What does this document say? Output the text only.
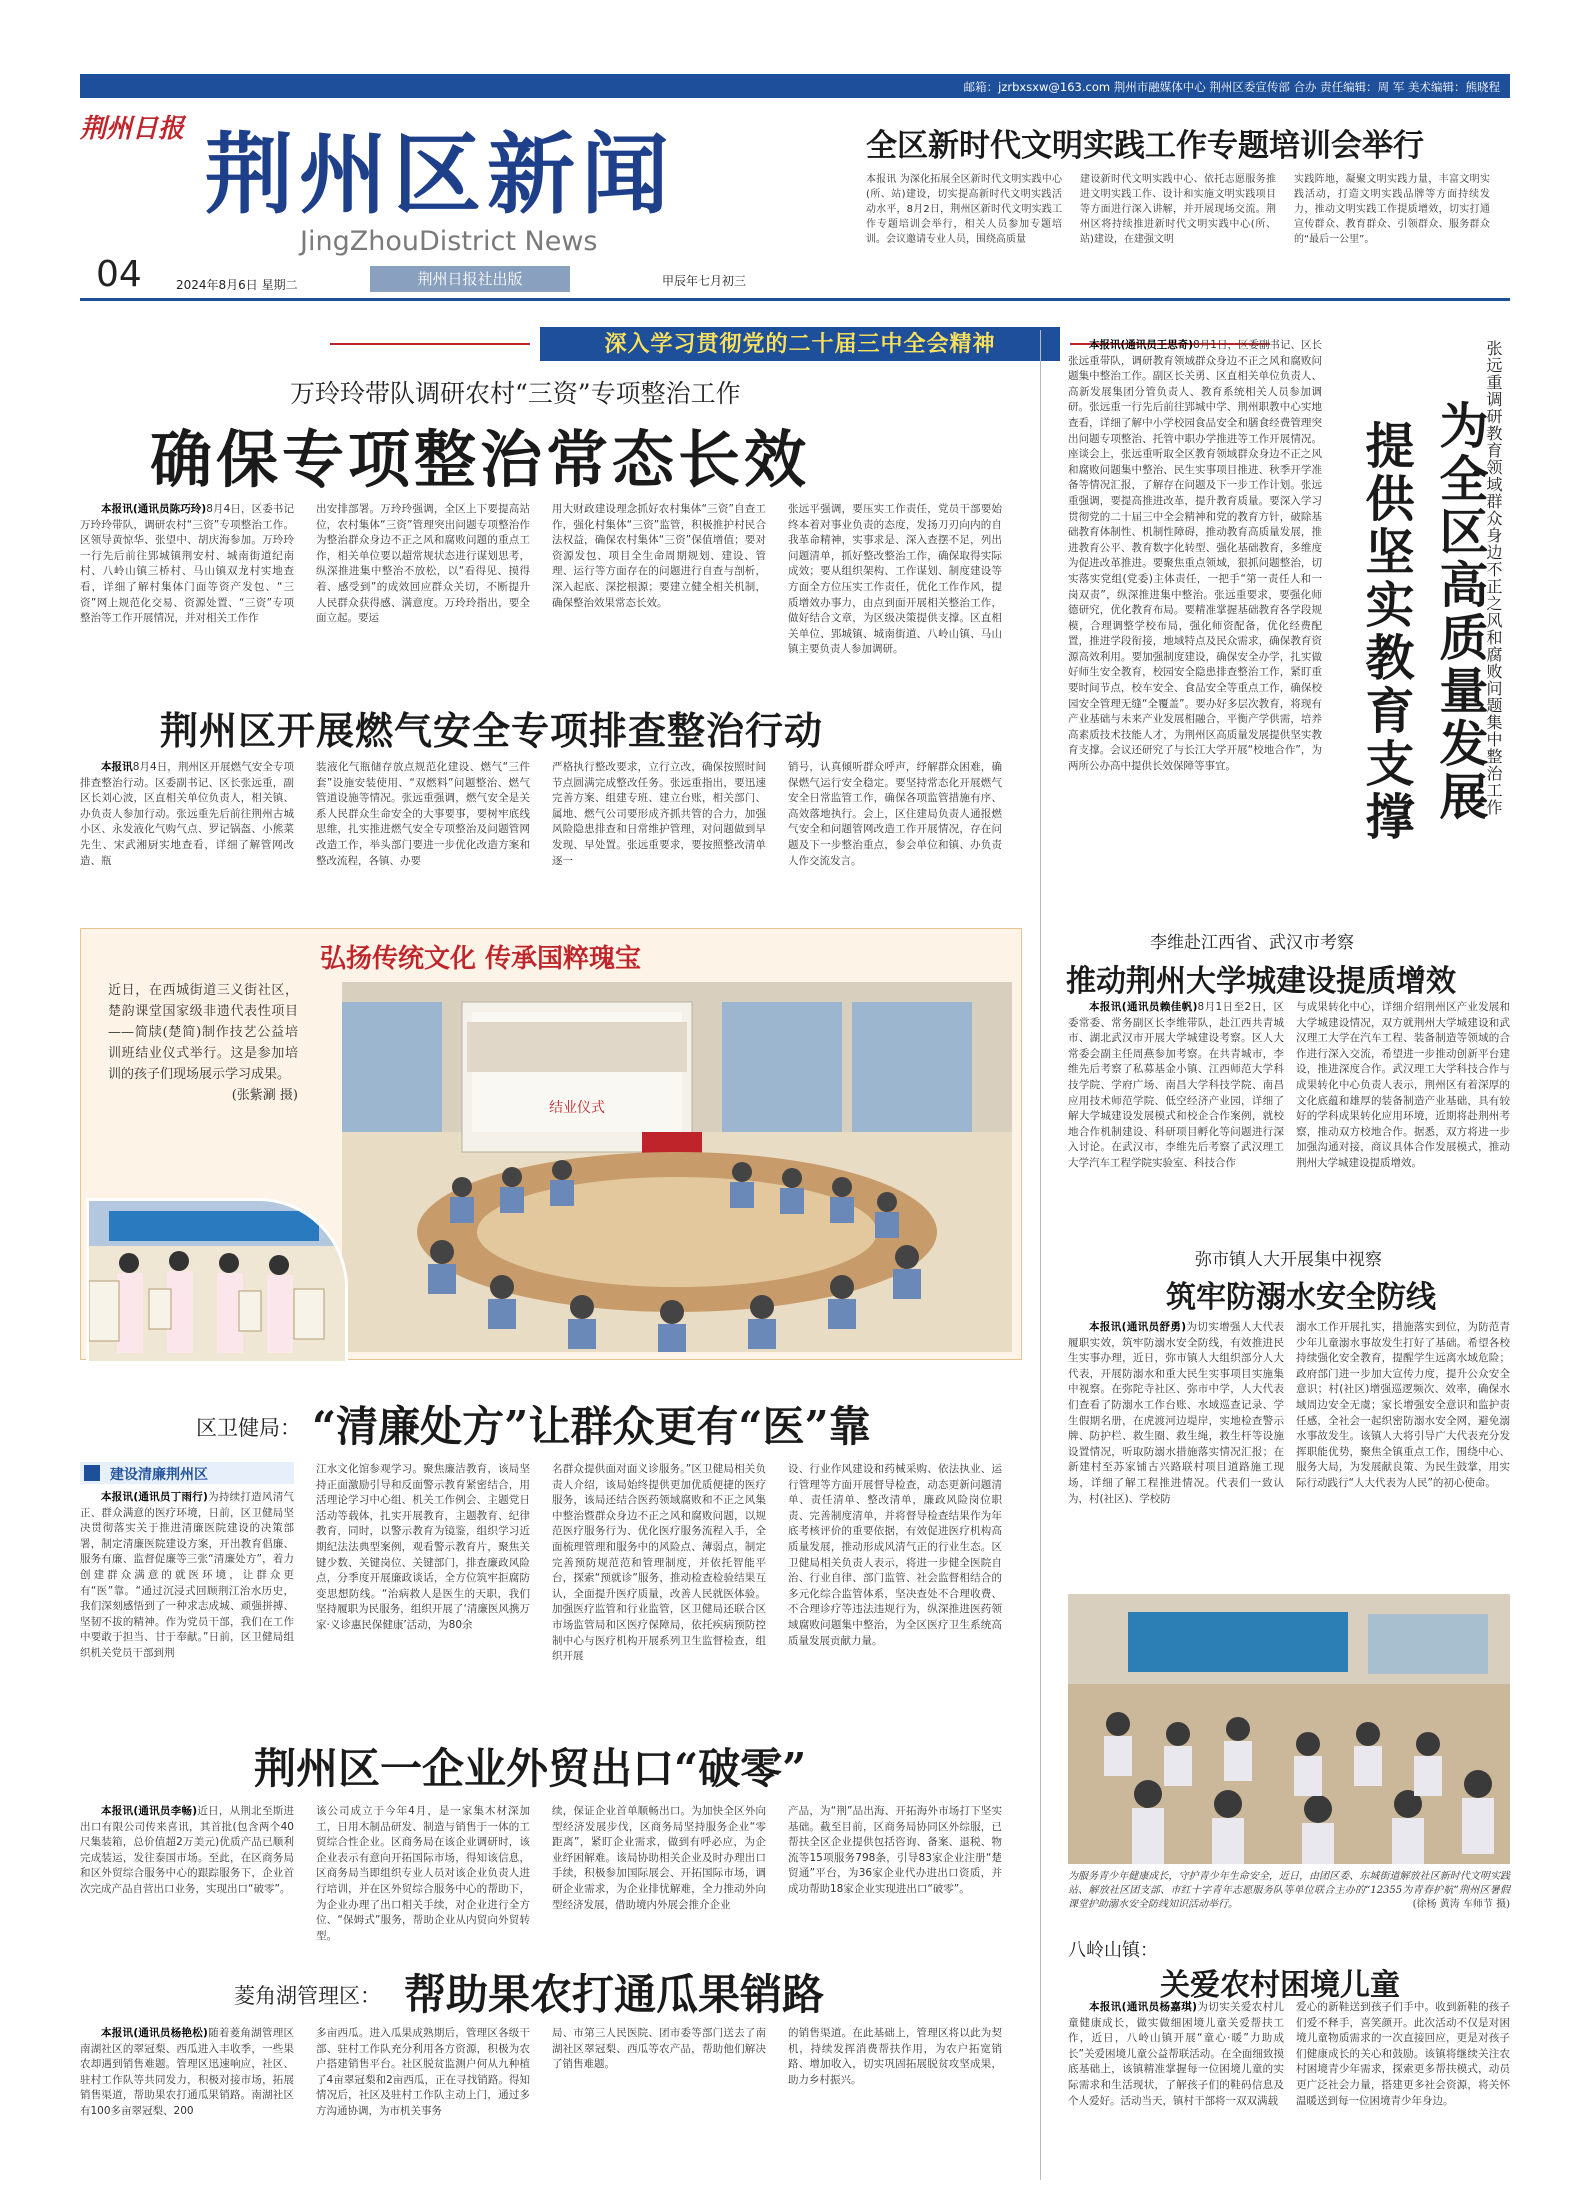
邮箱：jzrbxsxw@163.com 荆州市融媒体中心 荆州区委宣传部 合办 责任编辑：周 军 美术编辑：熊晓程
荆州日报 荆州区新闻
JingZhouDistrict News
04	2024年8月6日 星期二	荆州日报社出版	甲辰年七月初三
全区新时代文明实践工作专题培训会举行
本报讯 为深化拓展全区新时代文明实践中心(所、站)建设，切实提高新时代文明实践活动水平，8月2日，荆州区新时代文明实践工作专题培训会举行，相关人员参加专题培训。会议邀请专业人员，围绕高质量
建设新时代文明实践中心、依托志愿服务推进文明实践工作、设计和实施文明实践项目等方面进行深入讲解，并开展现场交流。荆州区将持续推进新时代文明实践中心(所、站)建设，在建强文明
实践阵地，凝聚文明实践力量，丰富文明实践活动，打造文明实践品牌等方面持续发力，推动文明实践工作提质增效，切实打通宣传群众、教育群众、引领群众、服务群众的“最后一公里”。
深入学习贯彻党的二十届三中全会精神
万玲玲带队调研农村“三资”专项整治工作
确保专项整治常态长效

本报讯(通讯员陈巧玲)8月4日，区委书记万玲玲带队，调研农村“三资”专项整治工作。区领导黄惊华、张望中、胡庆海参加。万玲玲一行先后前往郢城镇荆安村、城南街道纪南村、八岭山镇三桥村、马山镇双龙村实地查看，详细了解村集体门面等资产发包、“三资”网上规范化交易、资源处置、“三资”专项整治等工作开展情况，并对相关工作作

出安排部署。万玲玲强调，全区上下要提高站位，农村集体“三资”管理突出问题专项整治作为整治群众身边不正之风和腐败问题的重点工作，相关单位要以超常规状态进行谋划思考，纵深推进集中整治不放松，以“看得见、摸得着、感受到”的成效回应群众关切，不断提升人民群众获得感、满意度。万玲玲指出，要全面立起。要运
用大财政建设理念抓好农村集体“三资”自查工作，强化村集体“三资”监管，积极推护村民合法权益，确保农村集体“三资”保值增值；要对资源发包、项目全生命周期规划、建设、管理、运行等方面存在的问题进行自查与剖析，深入起底、深挖根源；要建立健全相关机制，确保整治效果常态长效。
张远平强调，要压实工作责任，党员干部要始终本着对事业负责的态度，发扬刀刃向内的自我革命精神，实事求是、深入查摆不足，列出问题清单，抓好整改整治工作，确保取得实际成效；要从组织架构、工作谋划、制度建设等方面全方位压实工作责任，优化工作作风，提质增效办事力，由点到面开展相关整治工作，做好结合文章，为区级决策提供支撑。区直相关单位、郢城镇、城南街道、八岭山镇、马山镇主要负责人参加调研。
荆州区开展燃气安全专项排查整治行动

本报讯8月4日，荆州区开展燃气安全专项排查整治行动。区委副书记、区长张远重，副区长刘心波，区直相关单位负责人，相关镇、办负责人参加行动。张远重先后前往荆州古城小区、永发液化气购气点、罗记锅盔、小熊菜先生、宋武湘厨实地查看，详细了解管网改造、瓶

装液化气瓶储存放点规范化建设、燃气“三件套”设施安装使用、“双燃料”问题整治、燃气管道设施等情况。张远重强调，燃气安全是关系人民群众生命安全的大事要事，要树牢底线思维，扎实推进燃气安全专项整治及问题管网改造工作，举头部门要进一步优化改造方案和整改流程，各镇、办要
严格执行整改要求，立行立改，确保按照时间节点圆满完成整改任务。张远重指出，要迅速完善方案、组建专班、建立台账，相关部门、属地、燃气公司要形成齐抓共管的合力，加强风险隐患排查和日常维护管理，对问题做到早发现、早处置。张远重要求，要按照整改清单逐一
销号，认真倾听群众呼声，纾解群众困难，确保燃气运行安全稳定。要坚持常态化开展燃气安全日常监管工作，确保各项监管措施有序、高效落地执行。会上，区住建局负责人通报燃气安全和问题管网改造工作开展情况，存在问题及下一步整治重点，参会单位和镇、办负责人作交流发言。
弘扬传统文化 传承国粹瑰宝
近日，在西城街道三义街社区，楚韵课堂国家级非遗代表性项目——简牍(楚简)制作技艺公益培训班结业仪式举行。这是参加培训的孩子们现场展示学习成果。

(张紫涮 摄)
结业仪式
区卫健局： “清廉处方”让群众更有“医”靠
建设清廉荆州区

本报讯(通讯员丁雨行)为持续打造风清气正、群众满意的医疗环境，日前，区卫健局坚决贯彻落实关于推进清廉医院建设的决策部署，制定清廉医院建设方案，开出教育倡廉、服务有廉、监督促廉等三张“清廉处方”，着力创建群众满意的就医环境，让群众更有“医”靠。“通过沉浸式回顾荆江治水历史，我们深刻感悟到了一种求志成城、顽强拼搏、坚韧不拔的精神。作为党员干部，我们在工作中要敢于担当、甘于奉献。”日前，区卫健局组织机关党员干部到荆

江水文化馆参观学习。聚焦廉洁教育，该局坚持正面激励引导和反面警示教育紧密结合，用活理论学习中心组、机关工作例会、主题党日活动等载体，扎实开展教育，主题教育、纪律教育，同时，以警示教育为镜鉴，组织学习近期纪法法典型案例，观看警示教育片，聚焦关键少数、关键岗位、关键部门，排查廉政风险点，分季度开展廉政谈话，全方位筑牢拒腐防变思想防线。“治病救人是医生的天职，我们坚持履职为民服务，组织开展了‘清廉医风携万家·义诊惠民保健康’活动，为80余
名群众提供面对面义诊服务。”区卫健局相关负责人介绍，该局始终提供更加优质便捷的医疗服务，该局还结合医药领域腐败和不正之风集中整治暨群众身边不正之风和腐败问题，以规范医疗服务行为、优化医疗服务流程入手，全面梳理管理和服务中的风险点、薄弱点，制定完善预防规范范和管理制度，并依托智能平台，探索“预就诊”服务，推动检查检验结果互认，全面提升医疗质量，改善人民就医体验。加强医疗监管和行业监管，区卫健局还联合区市场监管局和区医疗保障局，依托疾病预防控制中心与医疗机构开展系列卫生监督检查，组织开展
设、行业作风建设和药械采购、依法执业、运行管理等方面开展督导检查，动态更新问题清单、责任清单、整改清单，廉政风险岗位职责、完善制度清单，并将督导检查结果作为年底考核评价的重要依据，有效促进医疗机构高质量发展，推动形成风清气正的行业生态。区卫健局相关负责人表示，将进一步健全医院自治、行业自律、部门监管、社会监督相结合的多元化综合监管体系，坚决查处不合理收费、不合理诊疗等违法违规行为，纵深推进医药领域腐败问题集中整治，为全区医疗卫生系统高质量发展贡献力量。
荆州区一企业外贸出口“破零”

本报讯(通讯员李畅)近日，从荆北至斯进出口有限公司传来喜讯，其首批(包含两个40尺集装箱，总价值超2万美元)优质产品已顺利完成装运，发往泰国市场。至此，在区商务局和区外贸综合服务中心的跟踪服务下，企业首次完成产品自营出口业务，实现出口“破零”。

该公司成立于今年4月，是一家集木材深加工，日用木制品研发、制造与销售于一体的工贸综合性企业。区商务局在该企业调研时，该企业表示有意向开拓国际市场，得知该信息，区商务局当即组织专业人员对该企业负责人进行培训，并在区外贸综合服务中心的帮助下，为企业办理了出口相关手续，对企业进行全方位、“保姆式”服务，帮助企业从内贸向外贸转型。
续，保证企业首单顺畅出口。为加快全区外向型经济发展步伐，区商务局坚持服务企业“零距离”，紧盯企业需求，做到有呼必应，为企业纾困解难。该局协助相关企业及时办理出口手续，积极参加国际展会、开拓国际市场，调研企业需求，为企业排忧解难，全力推动外向型经济发展，借助境内外展会推介企业
产品，为“荆”品出海、开拓海外市场打下坚实基础。截至目前，区商务局协同区外综服，已帮扶全区企业提供包括咨询、备案、退税、物流等15项服务798条，引导83家企业注册“楚贸通”平台，为36家企业代办进出口资质，并成功帮助18家企业实现进出口“破零”。
菱角湖管理区： 帮助果农打通瓜果销路

本报讯(通讯员杨艳松)随着菱角湖管理区南湖社区的翠冠梨、西瓜进入丰收季，一些果农却遇到销售难题。管理区迅速响应，社区、驻村工作队等共同发力，积极对接市场，拓展销售渠道，帮助果农打通瓜果销路。南湖社区有100多亩翠冠梨、200

多亩西瓜。进入瓜果成熟期后，管理区各级干部、驻村工作队充分利用各方资源，积极为农户搭建销售平台。社区脱贫监测户何从九种植了4亩翠冠梨和2亩西瓜，正在寻找销路。得知情况后，社区及驻村工作队主动上门，通过多方沟通协调，为市机关事务
局、市第三人民医院、团市委等部门送去了南湖社区翠冠梨、西瓜等农产品，帮助他们解决了销售难题。
的销售渠道。在此基础上，管理区将以此为契机，持续发挥消费帮扶作用，为农户拓宽销路、增加收入，切实巩固拓展脱贫攻坚成果，助力乡村振兴。

本报讯(通讯员王思奇)8月1日，区委副书记、区长张远重带队，调研教育领域群众身边不正之风和腐败问题集中整治工作。副区长关勇、区直相关单位负责人、高新发展集团分管负责人、教育系统相关人员参加调研。张远重一行先后前往郢城中学、荆州职教中心实地查看，详细了解中小学校园食品安全和膳食经费管理突出问题专项整治、托管中职办学推进等工作开展情况。座谈会上，张远重听取全区教育领域群众身边不正之风和腐败问题集中整治、民生实事项目推进、秋季开学准备等情况汇报，了解存在问题及下一步工作计划。张远重强调，要提高推进改革，提升教育质量。要深入学习贯彻党的二十届三中全会精神和党的教育方针，破除基础教育体制性、机制性障碍，推动教育高质量发展，推进教育公平、教育数字化转型、强化基础教育，多维度为促进改革推进。要聚焦重点领域，狠抓问题整治，切实落实党组(党委)主体责任，一把手“第一责任人和一岗双责”，纵深推进集中整治。张远重要求，要强化师德研究，优化教育布局。要精准掌握基础教育各学段规模，合理调整学校布局，强化师资配备，优化经费配置，推进学段衔接，地域特点及民众需求，确保教育资源高效利用。要加强制度建设，确保安全办学，扎实做好师生安全教育，校园安全隐患排查整治工作，紧盯重要时间节点，校车安全、食品安全等重点工作，确保校园安全管理无缝“全覆盖”。要办好多层次教育，将现有产业基础与未来产业发展相融合，平衡产学供需，培养高素质技术技能人才，为荆州区高质量发展提供坚实教育支撑。会议还研究了与长江大学开展“校地合作”，为两所公办高中提供长效保障等事宜。	为全区高质量发展
提供坚实教育支撑	张远重调研教育领域群众身边不正之风和腐败问题集中整治工作
李维赴江西省、武汉市考察
推动荆州大学城建设提质增效

本报讯(通讯员赖佳帆)8月1日至2日，区委常委、常务副区长李维带队，赴江西共青城市、湖北武汉市开展大学城建设考察。区人大常委会副主任周燕参加考察。在共青城市，李维先后考察了私募基金小镇、江西师范大学科技学院、学府广场、南昌大学科技学院、南昌应用技术师范学院、低空经济产业园，详细了解大学城建设发展模式和校企合作案例，就校地合作机制建设、科研项目孵化等问题进行深入讨论。在武汉市，李维先后考察了武汉理工大学汽车工程学院实验室、科技合作

与成果转化中心，详细介绍荆州区产业发展和大学城建设情况，双方就荆州大学城建设和武汉理工大学在汽车工程、装备制造等领域的合作进行深入交流，希望进一步推动创新平台建设，推进深度合作。武汉理工大学科技合作与成果转化中心负责人表示，荆州区有着深厚的文化底蕴和雄厚的装备制造产业基础，具有较好的学科成果转化应用环境，近期将赴荆州考察，推动双方校地合作。据悉，双方将进一步加强沟通对接，商议具体合作发展模式，推动荆州大学城建设提质增效。
弥市镇人大开展集中视察
筑牢防溺水安全防线

本报讯(通讯员舒勇)为切实增强人大代表履职实效，筑牢防溺水安全防线，有效推进民生实事办理，近日，弥市镇人大组织部分人大代表，开展防溺水和重大民生实事项目实施集中视察。在弥陀寺社区、弥市中学，人大代表们查看了防溺水工作台账、水域巡查记录、学生假期名册，在虎渡河边堤岸，实地检查警示牌、防护栏、救生圈、救生绳，救生杆等设施设置情况，听取防溺水措施落实情况汇报；在新建村至苏家铺古兴路联村项目道路施工现场，详细了解工程推进情况。代表们一致认为，村(社区)、学校防

溺水工作开展扎实，措施落实到位，为防范青少年儿童溺水事故发生打好了基础。希望各校持续强化安全教育，提醒学生远离水域危险；政府部门进一步加大宣传力度，提升公众安全意识；村(社区)增强巡逻频次、效率，确保水域周边安全无虞；家长增强安全意识和监护责任感，全社会一起织密防溺水安全网，避免溺水事故发生。该镇人大将引导广大代表充分发挥职能优势，聚焦全镇重点工作，围绕中心、服务大局，为发展献良策、为民生鼓掌，用实际行动践行“人大代表为人民”的初心使命。
为服务青少年健康成长，守护青少年生命安全，近日，由团区委、东城街道解放社区新时代文明实践站、解放社区团支部、市红十字青年志愿服务队等单位联合主办的“12355为青春护航”荆州区暑假课堂护助溺水安全防线知识活动举行。	(徐杨 黄涛 车师节 摄)
八岭山镇：
关爱农村困境儿童

本报讯(通讯员杨嘉琪)为切实关爱农村儿童健康成长，做实做细困境儿童关爱帮扶工作，近日，八岭山镇开展“童心·暖”力助成长”关爱困境儿童公益帮联活动。在全面细致摸底基础上，该镇精准掌握每一位困境儿童的实际需求和生活现状，了解孩子们的鞋码信息及个人爱好。活动当天，镇村干部将一双双满载

爱心的新鞋送到孩子们手中。收到新鞋的孩子们爱不释手，喜笑颜开。此次活动不仅是对困境儿童物质需求的一次直接回应，更是对孩子们健康成长的关心和鼓励。该镇将继续关注农村困境青少年需求，探索更多帮扶模式，动员更广泛社会力量，搭建更多社会资源，将关怀温暖送到每一位困境青少年身边。
